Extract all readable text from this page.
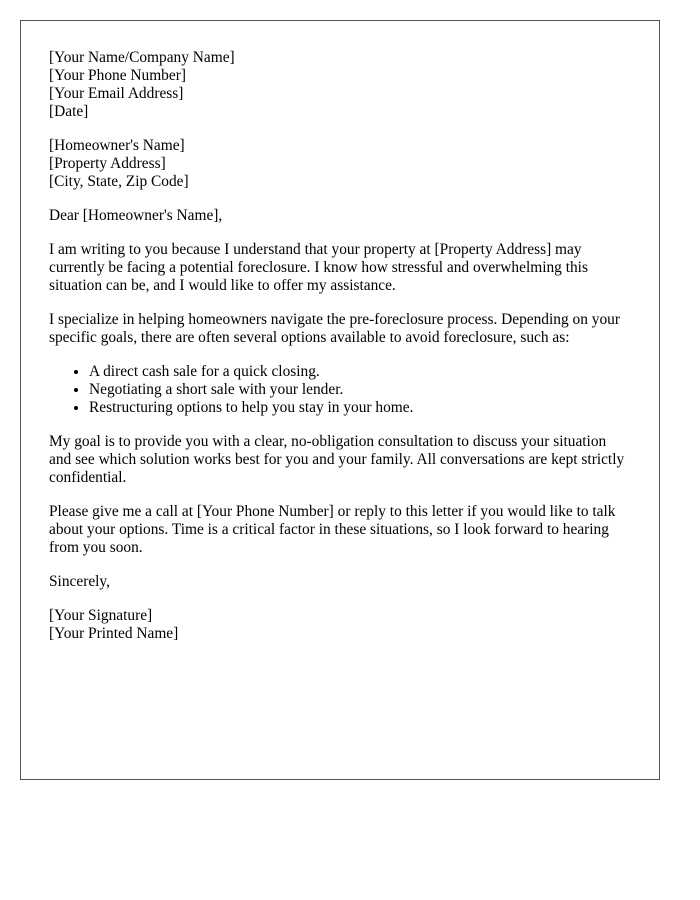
[Your Name/Company Name]
[Your Phone Number]
[Your Email Address]
[Date]
[Homeowner's Name]
[Property Address]
[City, State, Zip Code]

Dear [Homeowner's Name],

I am writing to you because I understand that your property at [Property Address] may currently be facing a potential foreclosure. I know how stressful and overwhelming this situation can be, and I would like to offer my assistance.

I specialize in helping homeowners navigate the pre-foreclosure process. Depending on your specific goals, there are often several options available to avoid foreclosure, such as:

• A direct cash sale for a quick closing.
• Negotiating a short sale with your lender.
• Restructuring options to help you stay in your home.

My goal is to provide you with a clear, no-obligation consultation to discuss your situation and see which solution works best for you and your family. All conversations are kept strictly confidential.

Please give me a call at [Your Phone Number] or reply to this letter if you would like to talk about your options. Time is a critical factor in these situations, so I look forward to hearing from you soon.

Sincerely,

[Your Signature]
[Your Printed Name]
